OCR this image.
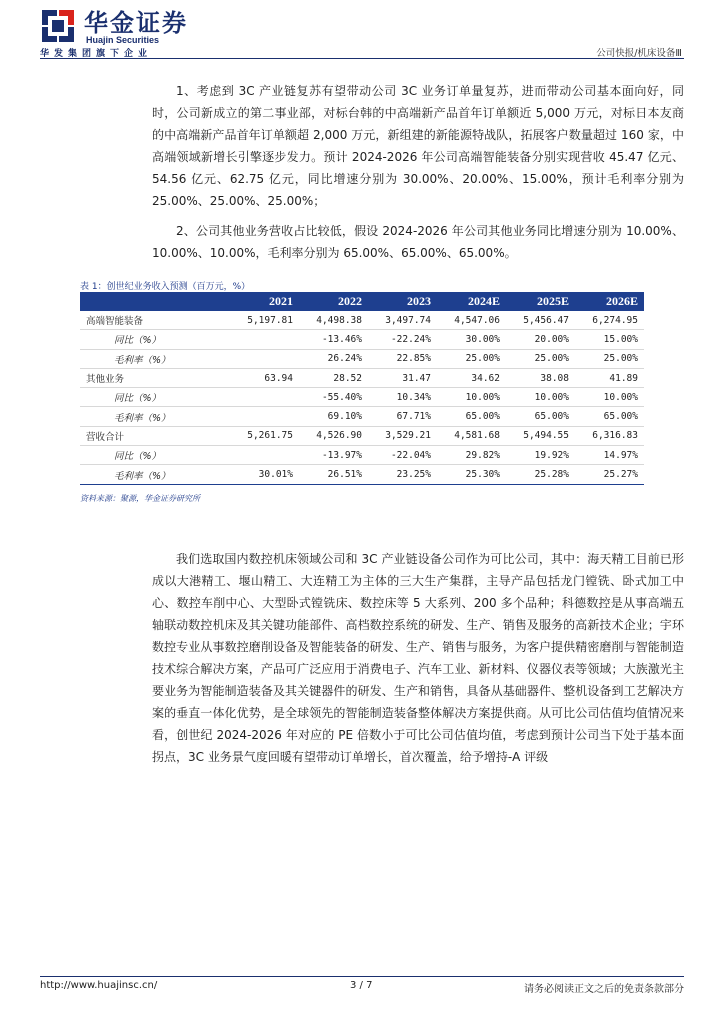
华金证券
Huajin Securities
华发集团旗下企业	公司快报/机床设备Ⅲ

1、考虑到 3C 产业链复苏有望带动公司 3C 业务订单量复苏，进而带动公司基本面向好，同时，公司新成立的第二事业部，对标台韩的中高端新产品首年订单额近 5,000 万元，对标日本友商的中高端新产品首年订单额超 2,000 万元，新组建的新能源特战队，拓展客户数量超过 160 家，中高端领域新增长引擎逐步发力。预计 2024-2026 年公司高端智能装备分别实现营收 45.47 亿元、54.56 亿元、62.75 亿元，同比增速分别为 30.00%、20.00%、15.00%，预计毛利率分别为 25.00%、25.00%、25.00%；

2、公司其他业务营收占比较低，假设 2024-2026 年公司其他业务同比增速分别为 10.00%、10.00%、10.00%，毛利率分别为 65.00%、65.00%、65.00%。

表 1：创世纪业务收入预测（百万元，%）
	2021	2022	2023	2024E	2025E	2026E
高端智能装备	5,197.81	4,498.38	3,497.74	4,547.06	5,456.47	6,274.95
同比（%）		-13.46%	-22.24%	30.00%	20.00%	15.00%
毛利率（%）		26.24%	22.85%	25.00%	25.00%	25.00%
其他业务	63.94	28.52	31.47	34.62	38.08	41.89
同比（%）		-55.40%	10.34%	10.00%	10.00%	10.00%
毛利率（%）		69.10%	67.71%	65.00%	65.00%	65.00%
营收合计	5,261.75	4,526.90	3,529.21	4,581.68	5,494.55	6,316.83
同比（%）		-13.97%	-22.04%	29.82%	19.92%	14.97%
毛利率（%）	30.01%	26.51%	23.25%	25.30%	25.28%	25.27%
资料来源：聚源，华金证券研究所

我们选取国内数控机床领域公司和 3C 产业链设备公司作为可比公司，其中：海天精工目前已形成以大港精工、堰山精工、大连精工为主体的三大生产集群，主导产品包括龙门镗铣、卧式加工中心、数控车削中心、大型卧式镗铣床、数控床等 5 大系列、200 多个品种；科德数控是从事高端五轴联动数控机床及其关键功能部件、高档数控系统的研发、生产、销售及服务的高新技术企业；宇环数控专业从事数控磨削设备及智能装备的研发、生产、销售与服务，为客户提供精密磨削与智能制造技术综合解决方案，产品可广泛应用于消费电子、汽车工业、新材料、仪器仪表等领域；大族激光主要业务为智能制造装备及其关键器件的研发、生产和销售，具备从基础器件、整机设备到工艺解决方案的垂直一体化优势，是全球领先的智能制造装备整体解决方案提供商。从可比公司估值均值情况来看，创世纪 2024-2026 年对应的 PE 倍数小于可比公司估值均值，考虑到预计公司当下处于基本面拐点，3C 业务景气度回暖有望带动订单增长，首次覆盖，给予增持-A 评级

http://www.huajinsc.cn/	3 / 7	请务必阅读正文之后的免责条款部分
